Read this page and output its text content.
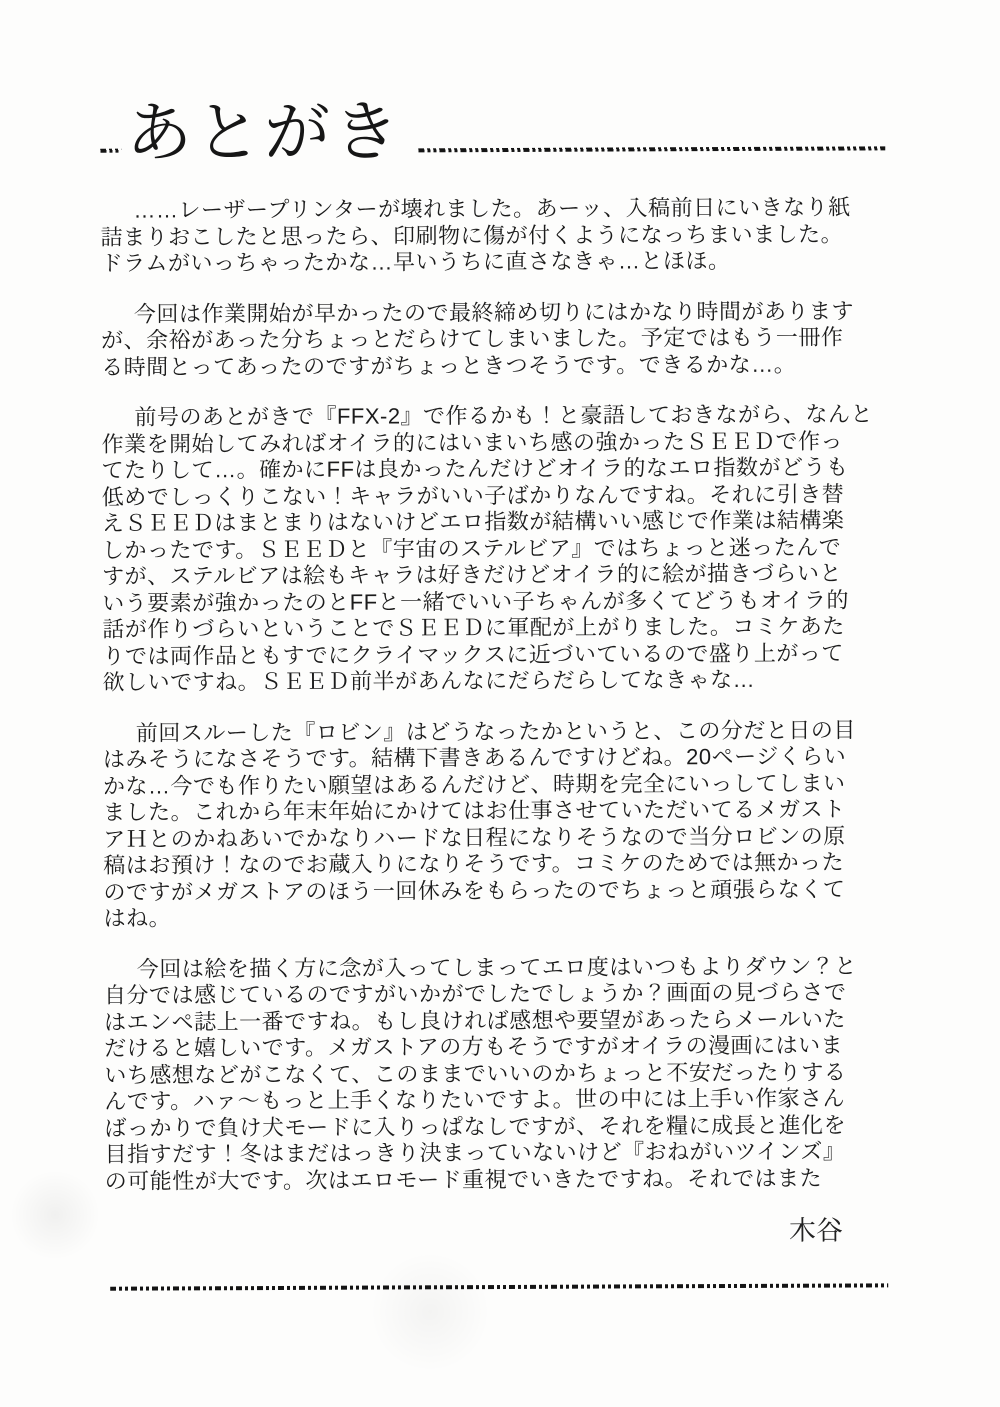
あとがき

……レーザープリンターが壊れました。あーッ、入稿前日にいきなり紙
詰まりおこしたと思ったら、印刷物に傷が付くようになっちまいました。
ドラムがいっちゃったかな…早いうちに直さなきゃ…とほほ。

今回は作業開始が早かったので最終締め切りにはかなり時間があります
が、余裕があった分ちょっとだらけてしまいました。予定ではもう一冊作
る時間とってあったのですがちょっときつそうです。できるかな…。

前号のあとがきで『FFX-2』で作るかも！と豪語しておきながら、なんと
作業を開始してみればオイラ的にはいまいち感の強かったＳＥＥＤで作っ
てたりして…。確かにFFは良かったんだけどオイラ的なエロ指数がどうも
低めでしっくりこない！キャラがいい子ばかりなんですね。それに引き替
えＳＥＥＤはまとまりはないけどエロ指数が結構いい感じで作業は結構楽
しかったです。ＳＥＥＤと『宇宙のステルビア』ではちょっと迷ったんで
すが、ステルビアは絵もキャラは好きだけどオイラ的に絵が描きづらいと
いう要素が強かったのとFFと一緒でいい子ちゃんが多くてどうもオイラ的
話が作りづらいということでＳＥＥＤに軍配が上がりました。コミケあた
りでは両作品ともすでにクライマックスに近づいているので盛り上がって
欲しいですね。ＳＥＥＤ前半があんなにだらだらしてなきゃな…

前回スルーした『ロビン』はどうなったかというと、この分だと日の目
はみそうになさそうです。結構下書きあるんですけどね。20ページくらい
かな…今でも作りたい願望はあるんだけど、時期を完全にいっしてしまい
ました。これから年末年始にかけてはお仕事させていただいてるメガスト
アＨとのかねあいでかなりハードな日程になりそうなので当分ロビンの原
稿はお預け！なのでお蔵入りになりそうです。コミケのためでは無かった
のですがメガストアのほう一回休みをもらったのでちょっと頑張らなくて
はね。

今回は絵を描く方に念が入ってしまってエロ度はいつもよりダウン？と
自分では感じているのですがいかがでしたでしょうか？画面の見づらさで
はエンペ誌上一番ですね。もし良ければ感想や要望があったらメールいた
だけると嬉しいです。メガストアの方もそうですがオイラの漫画にはいま
いち感想などがこなくて、このままでいいのかちょっと不安だったりする
んです。ハァ～もっと上手くなりたいですよ。世の中には上手い作家さん
ばっかりで負け犬モードに入りっぱなしですが、それを糧に成長と進化を
目指すだす！冬はまだはっきり決まっていないけど『おねがいツインズ』
の可能性が大です。次はエロモード重視でいきたですね。それではまた

木谷
